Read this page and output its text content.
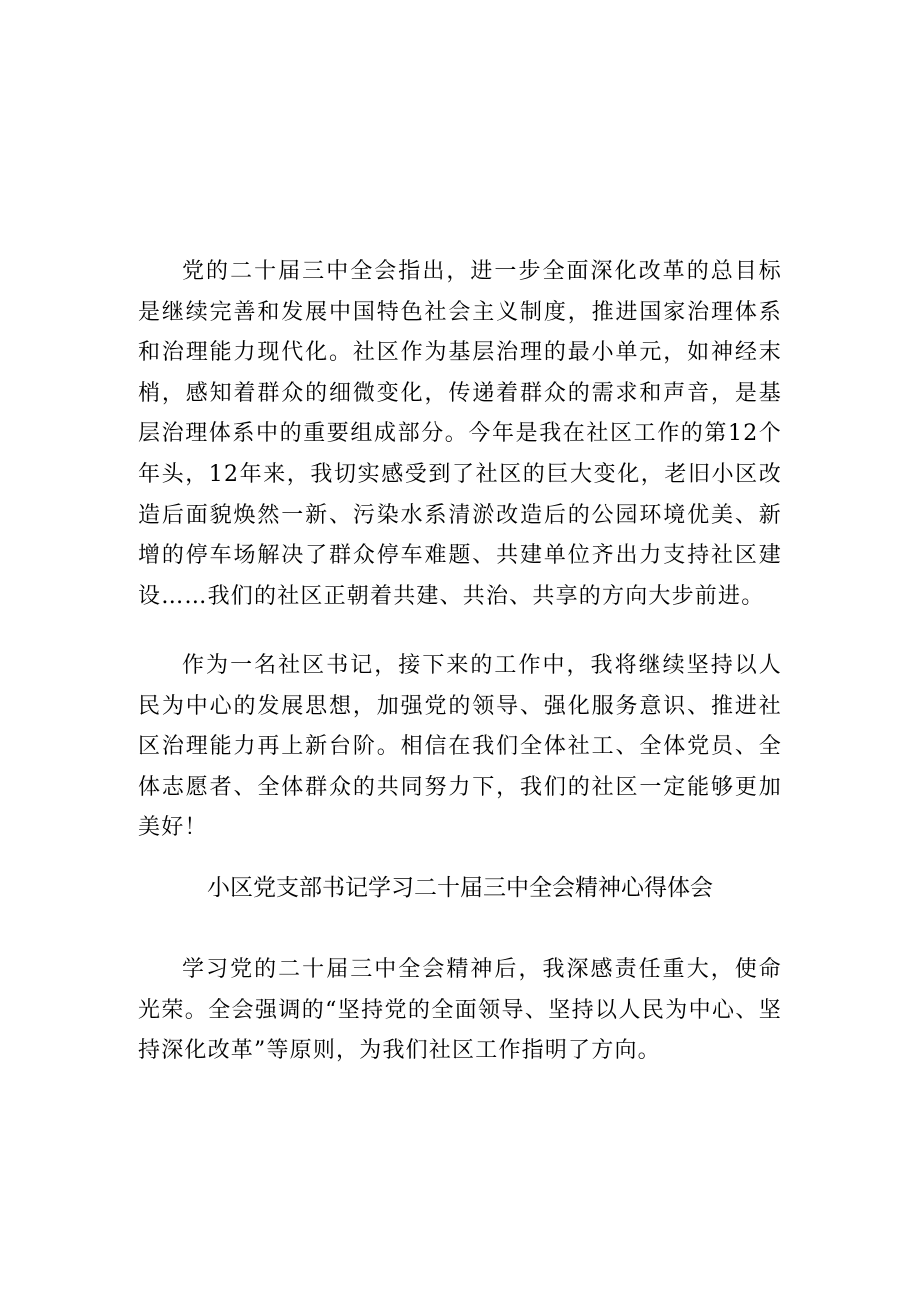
党的二十届三中全会指出，进一步全面深化改革的总目标是继续完善和发展中国特色社会主义制度，推进国家治理体系和治理能力现代化。社区作为基层治理的最小单元，如神经末梢，感知着群众的细微变化，传递着群众的需求和声音，是基层治理体系中的重要组成部分。今年是我在社区工作的第12个年头，12年来，我切实感受到了社区的巨大变化，老旧小区改造后面貌焕然一新、污染水系清淤改造后的公园环境优美、新增的停车场解决了群众停车难题、共建单位齐出力支持社区建设……我们的社区正朝着共建、共治、共享的方向大步前进。

作为一名社区书记，接下来的工作中，我将继续坚持以人民为中心的发展思想，加强党的领导、强化服务意识、推进社区治理能力再上新台阶。相信在我们全体社工、全体党员、全体志愿者、全体群众的共同努力下，我们的社区一定能够更加美好！

小区党支部书记学习二十届三中全会精神心得体会

学习党的二十届三中全会精神后，我深感责任重大，使命光荣。全会强调的“坚持党的全面领导、坚持以人民为中心、坚持深化改革”等原则，为我们社区工作指明了方向。
